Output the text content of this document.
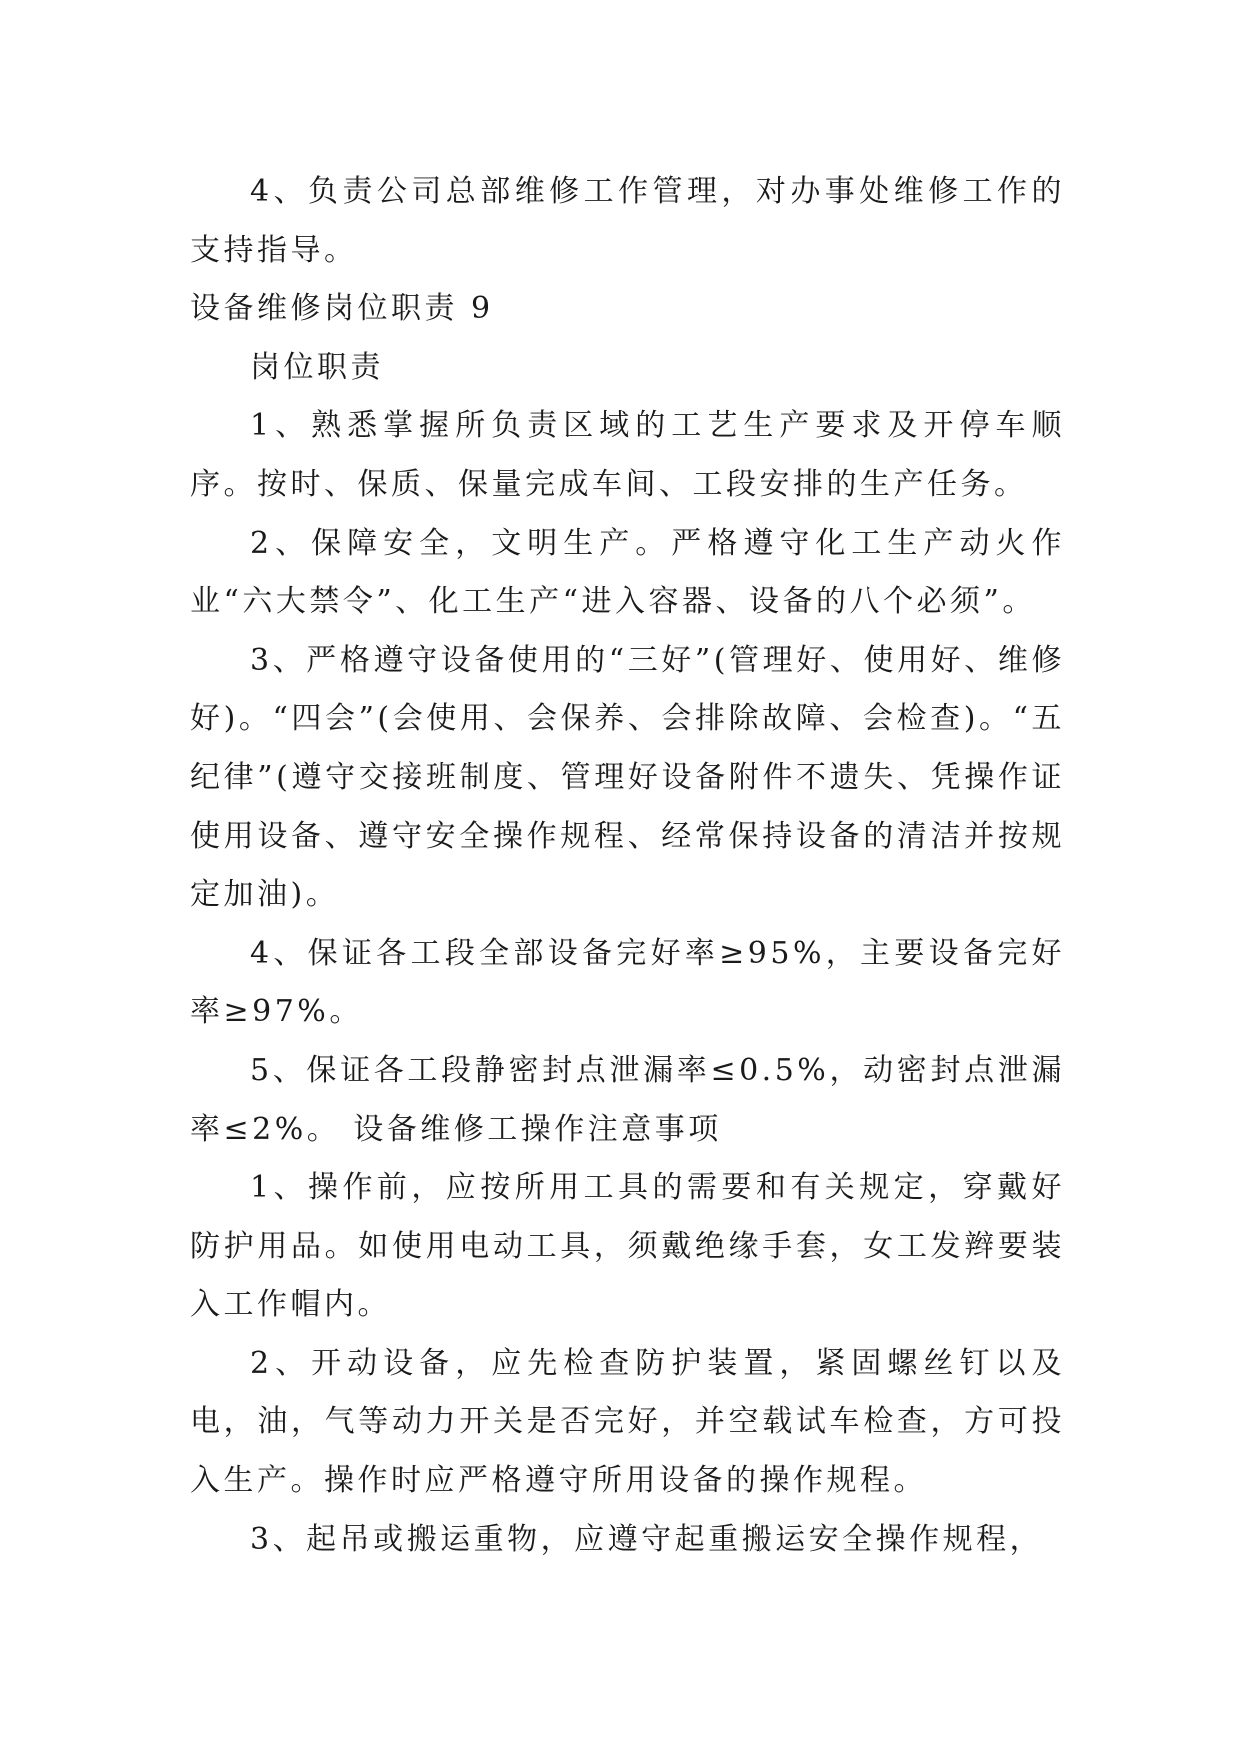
4、负责公司总部维修工作管理，对办事处维修工作的支持指导。

设备维修岗位职责 9

岗位职责

1、熟悉掌握所负责区域的工艺生产要求及开停车顺序。按时、保质、保量完成车间、工段安排的生产任务。

2、保障安全，文明生产。严格遵守化工生产动火作业“六大禁令”、化工生产“进入容器、设备的八个必须”。

3、严格遵守设备使用的“三好”(管理好、使用好、维修好)。“四会”(会使用、会保养、会排除故障、会检查)。“五纪律”(遵守交接班制度、管理好设备附件不遗失、凭操作证使用设备、遵守安全操作规程、经常保持设备的清洁并按规定加油)。

4、保证各工段全部设备完好率≥95%，主要设备完好率≥97%。

5、保证各工段静密封点泄漏率≤0.5%，动密封点泄漏率≤2%。 设备维修工操作注意事项

1、操作前，应按所用工具的需要和有关规定，穿戴好防护用品。如使用电动工具，须戴绝缘手套，女工发辫要装入工作帽内。

2、开动设备，应先检查防护装置，紧固螺丝钉以及电，油，气等动力开关是否完好，并空载试车检查，方可投入生产。操作时应严格遵守所用设备的操作规程。

3、起吊或搬运重物，应遵守起重搬运安全操作规程，
